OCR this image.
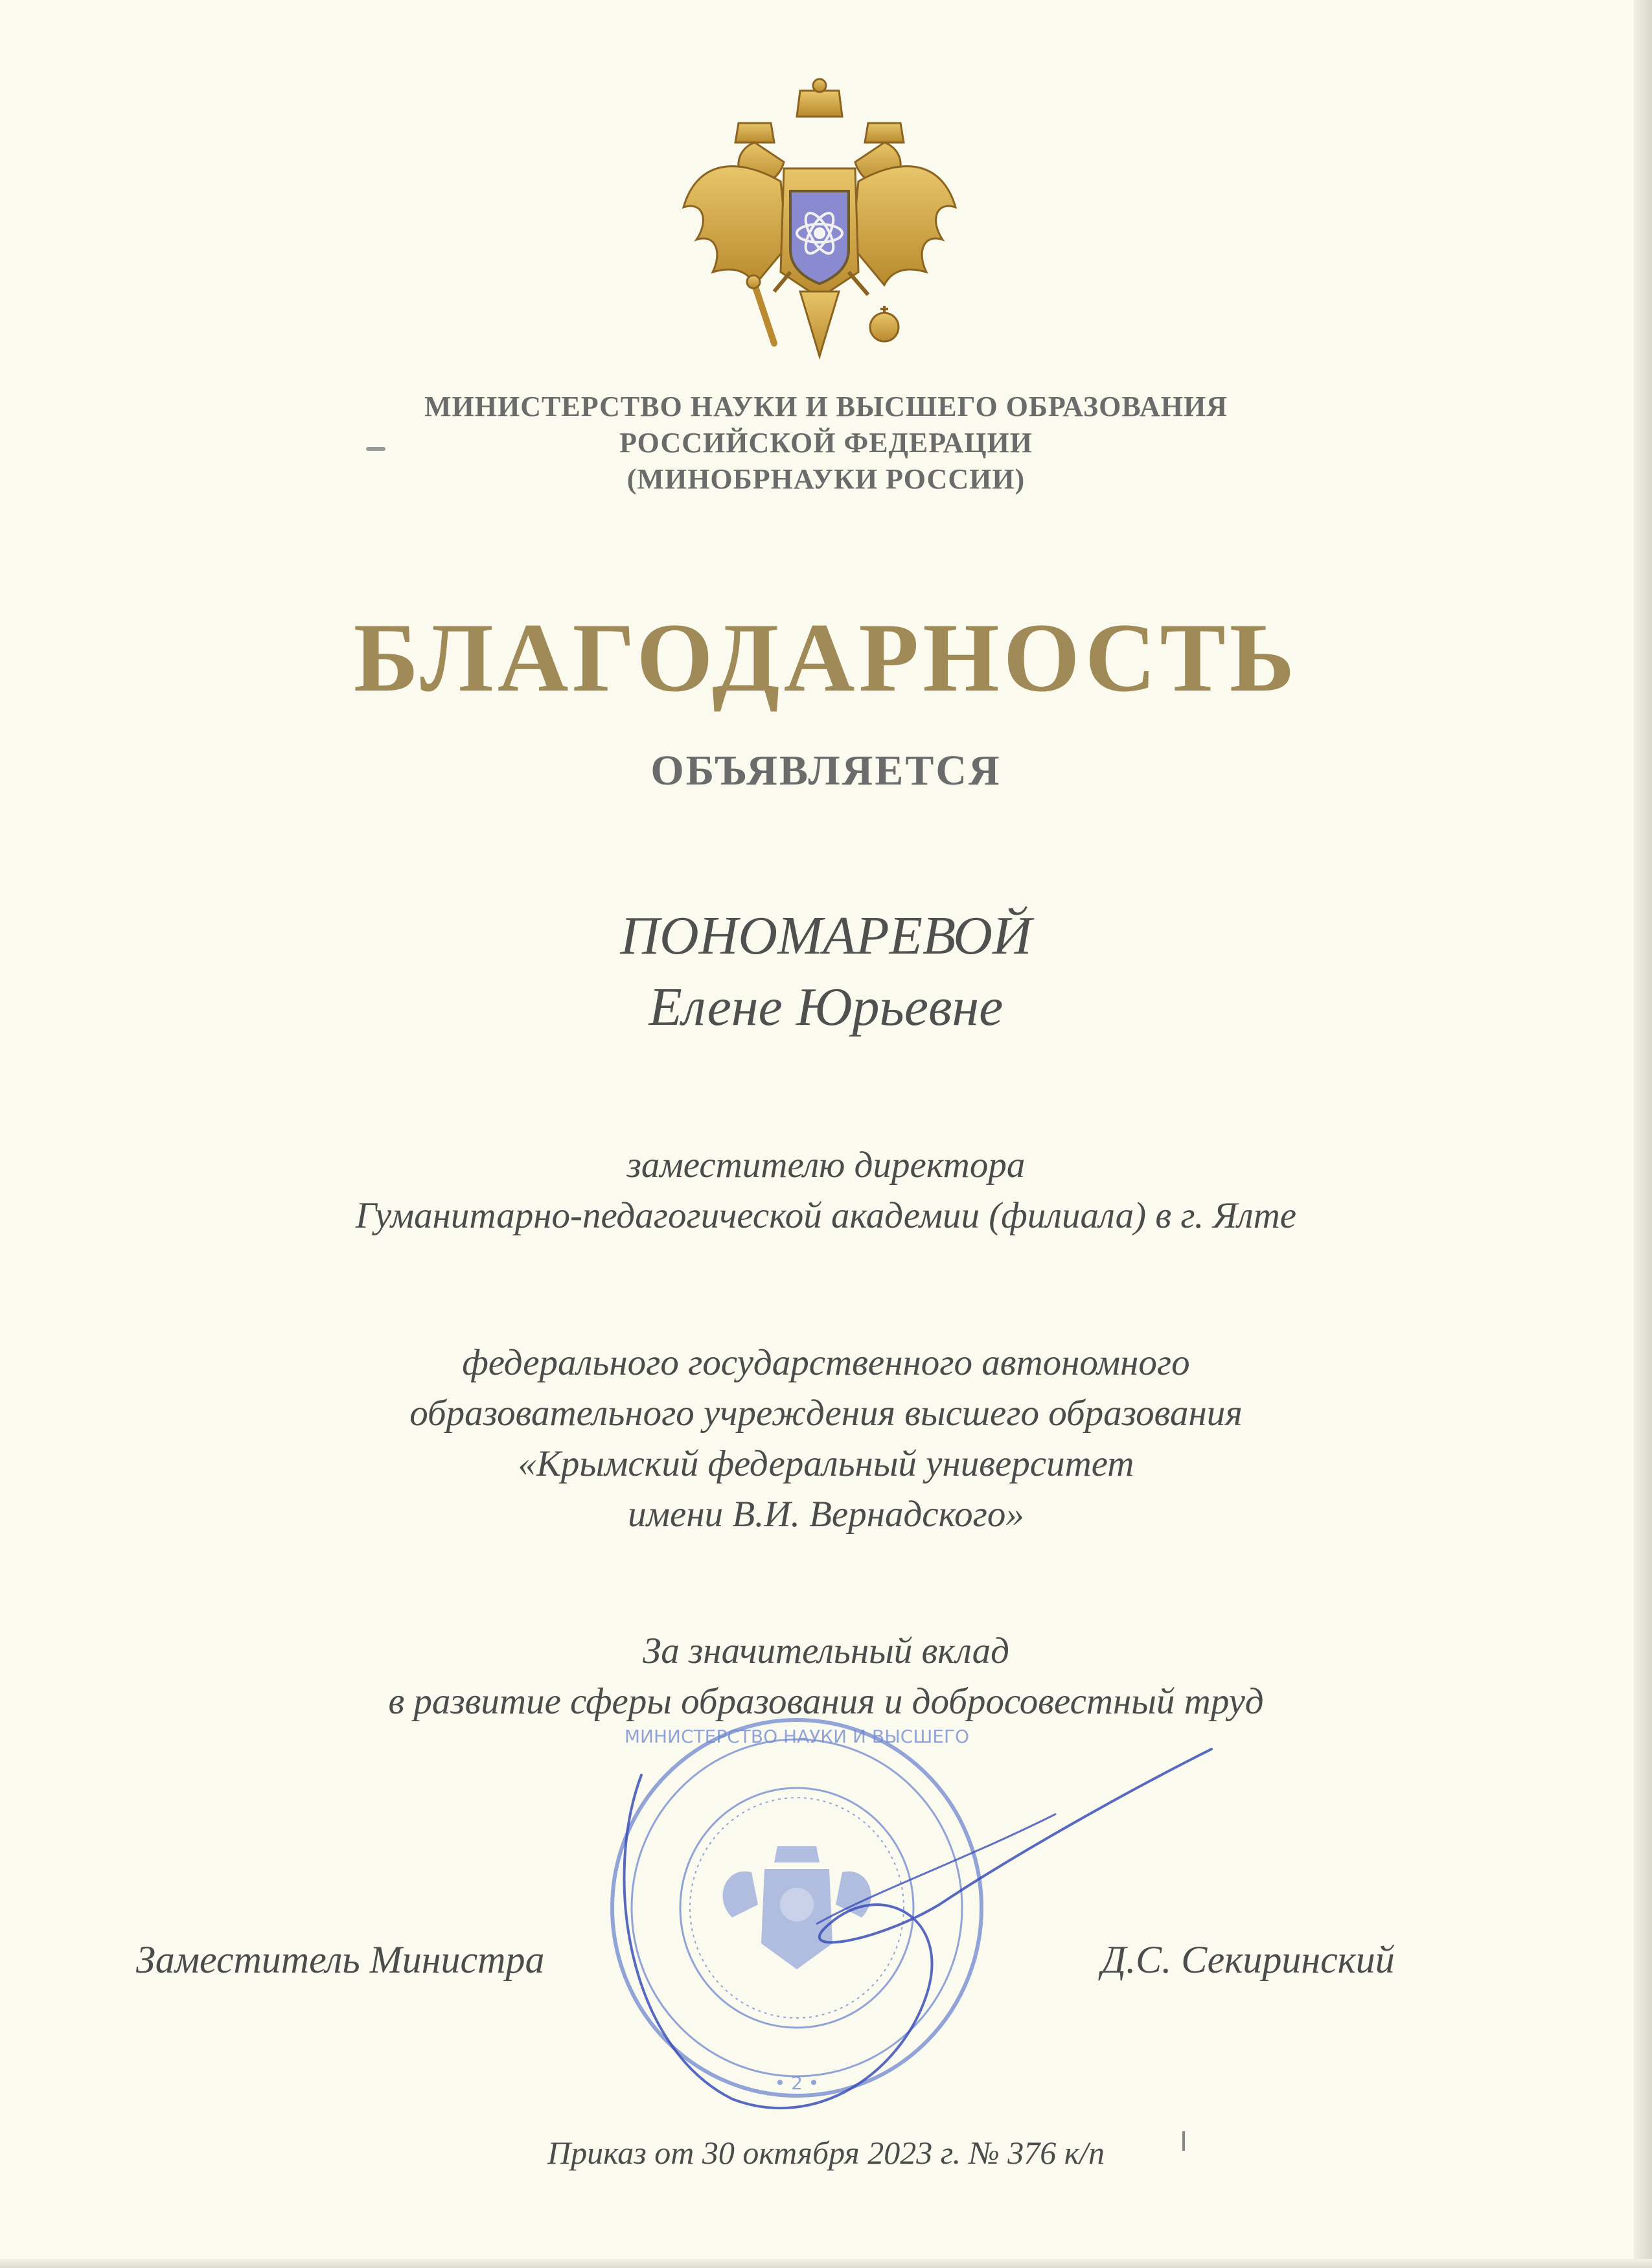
МИНИСТЕРСТВО НАУКИ И ВЫСШЕГО ОБРАЗОВАНИЯ
РОССИЙСКОЙ ФЕДЕРАЦИИ
(МИНОБРНАУКИ РОССИИ)
БЛАГОДАРНОСТЬ
ОБЪЯВЛЯЕТСЯ
ПОНОМАРЕВОЙ
Елене Юрьевне
заместителю директора
Гуманитарно-педагогической академии (филиала) в г. Ялте
федерального государственного автономного
образовательного учреждения высшего образования
«Крымский федеральный университет
имени В.И. Вернадского»
За значительный вклад
в развитие сферы образования и добросовестный труд
МИНИСТЕРСТВО НАУКИ И ВЫСШЕГО
• 2 •
Заместитель Министра	Д.С. Секиринский
Приказ от 30 октября 2023 г. № 376 к/п
